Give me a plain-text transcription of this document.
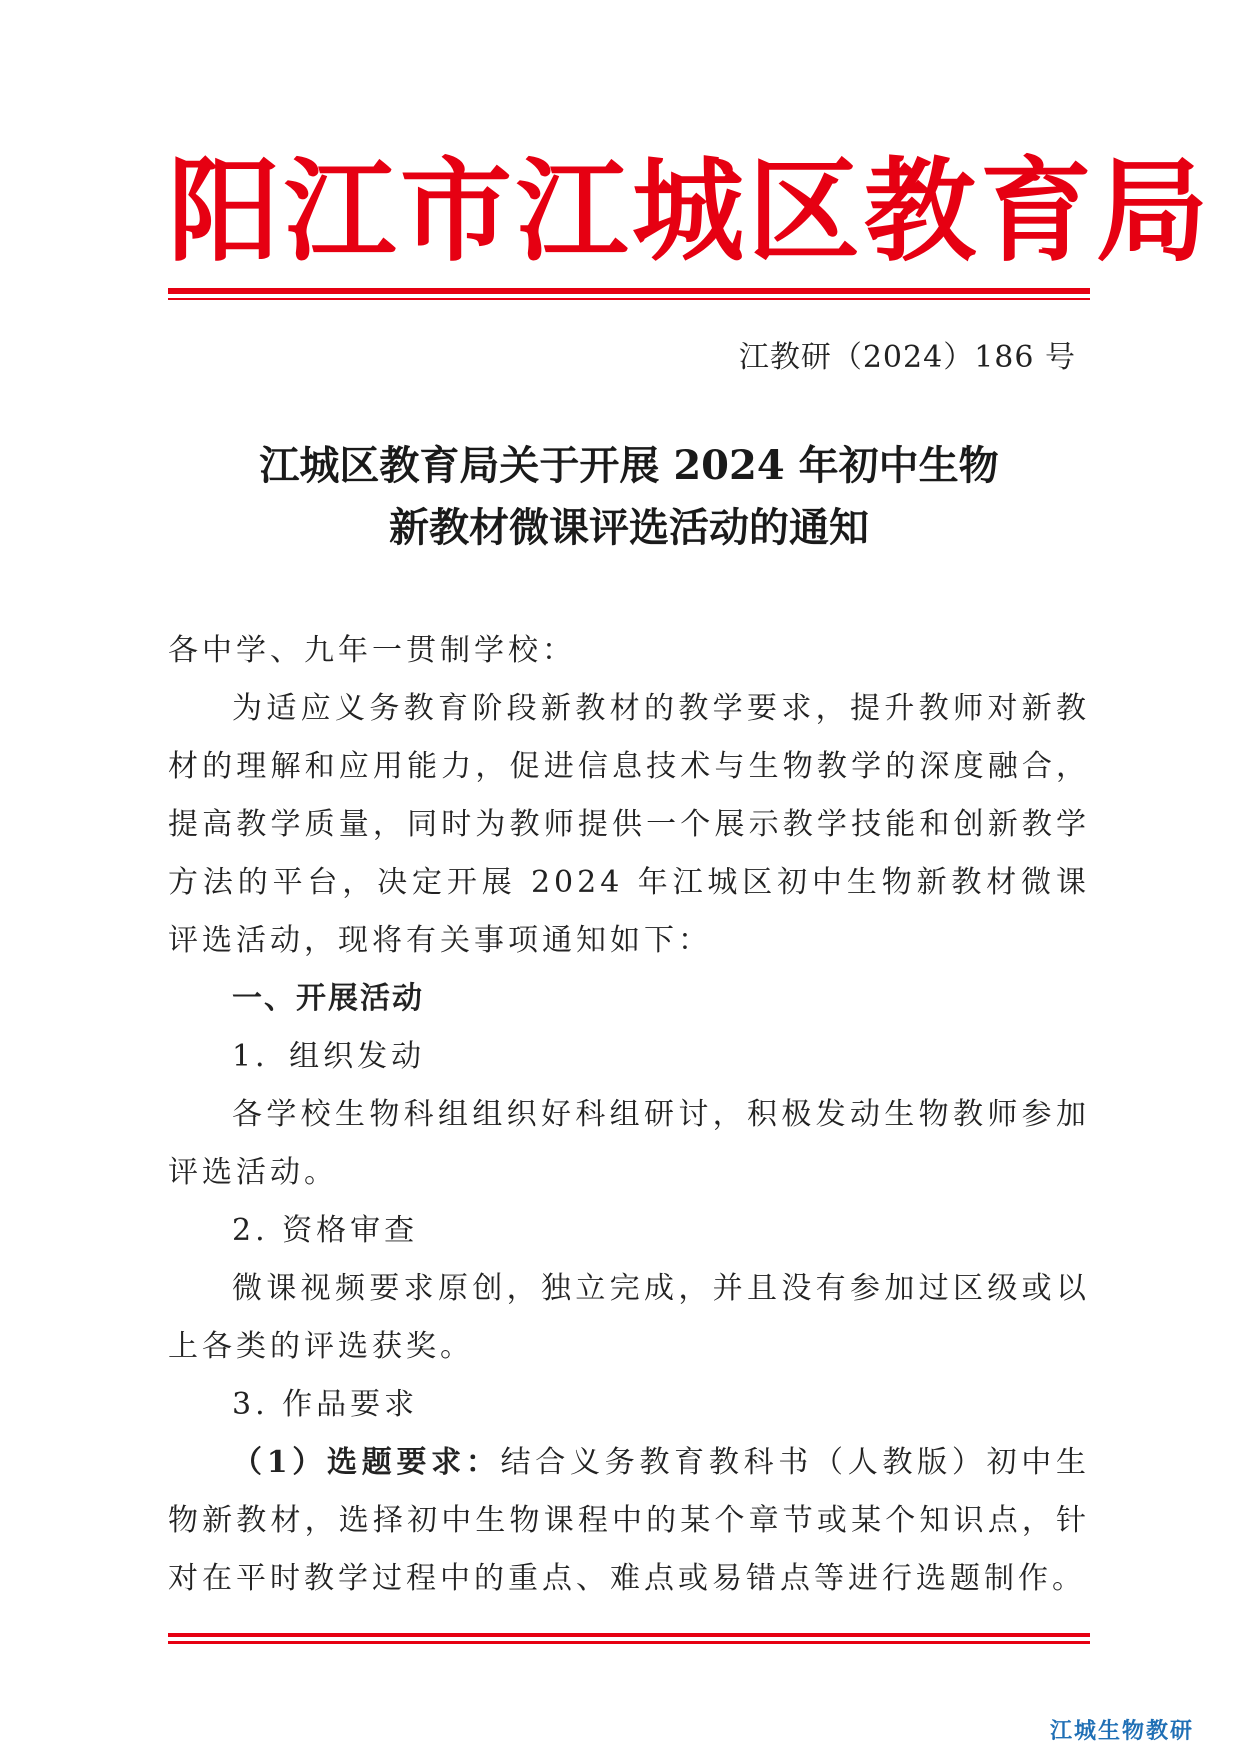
阳江市江城区教育局
江教研（2024）186 号
江城区教育局关于开展 2024 年初中生物
新教材微课评选活动的通知

各中学、九年一贯制学校：

为适应义务教育阶段新教材的教学要求，提升教师对新教材的理解和应用能力，促进信息技术与生物教学的深度融合，提高教学质量，同时为教师提供一个展示教学技能和创新教学方法的平台，决定开展 2024 年江城区初中生物新教材微课评选活动，现将有关事项通知如下：

一、开展活动

1．组织发动

各学校生物科组组织好科组研讨，积极发动生物教师参加评选活动。

2. 资格审查

微课视频要求原创，独立完成，并且没有参加过区级或以上各类的评选获奖。

3. 作品要求

（1）选题要求：结合义务教育教科书（人教版）初中生物新教材，选择初中生物课程中的某个章节或某个知识点，针对在平时教学过程中的重点、难点或易错点等进行选题制作。

江城生物教研
